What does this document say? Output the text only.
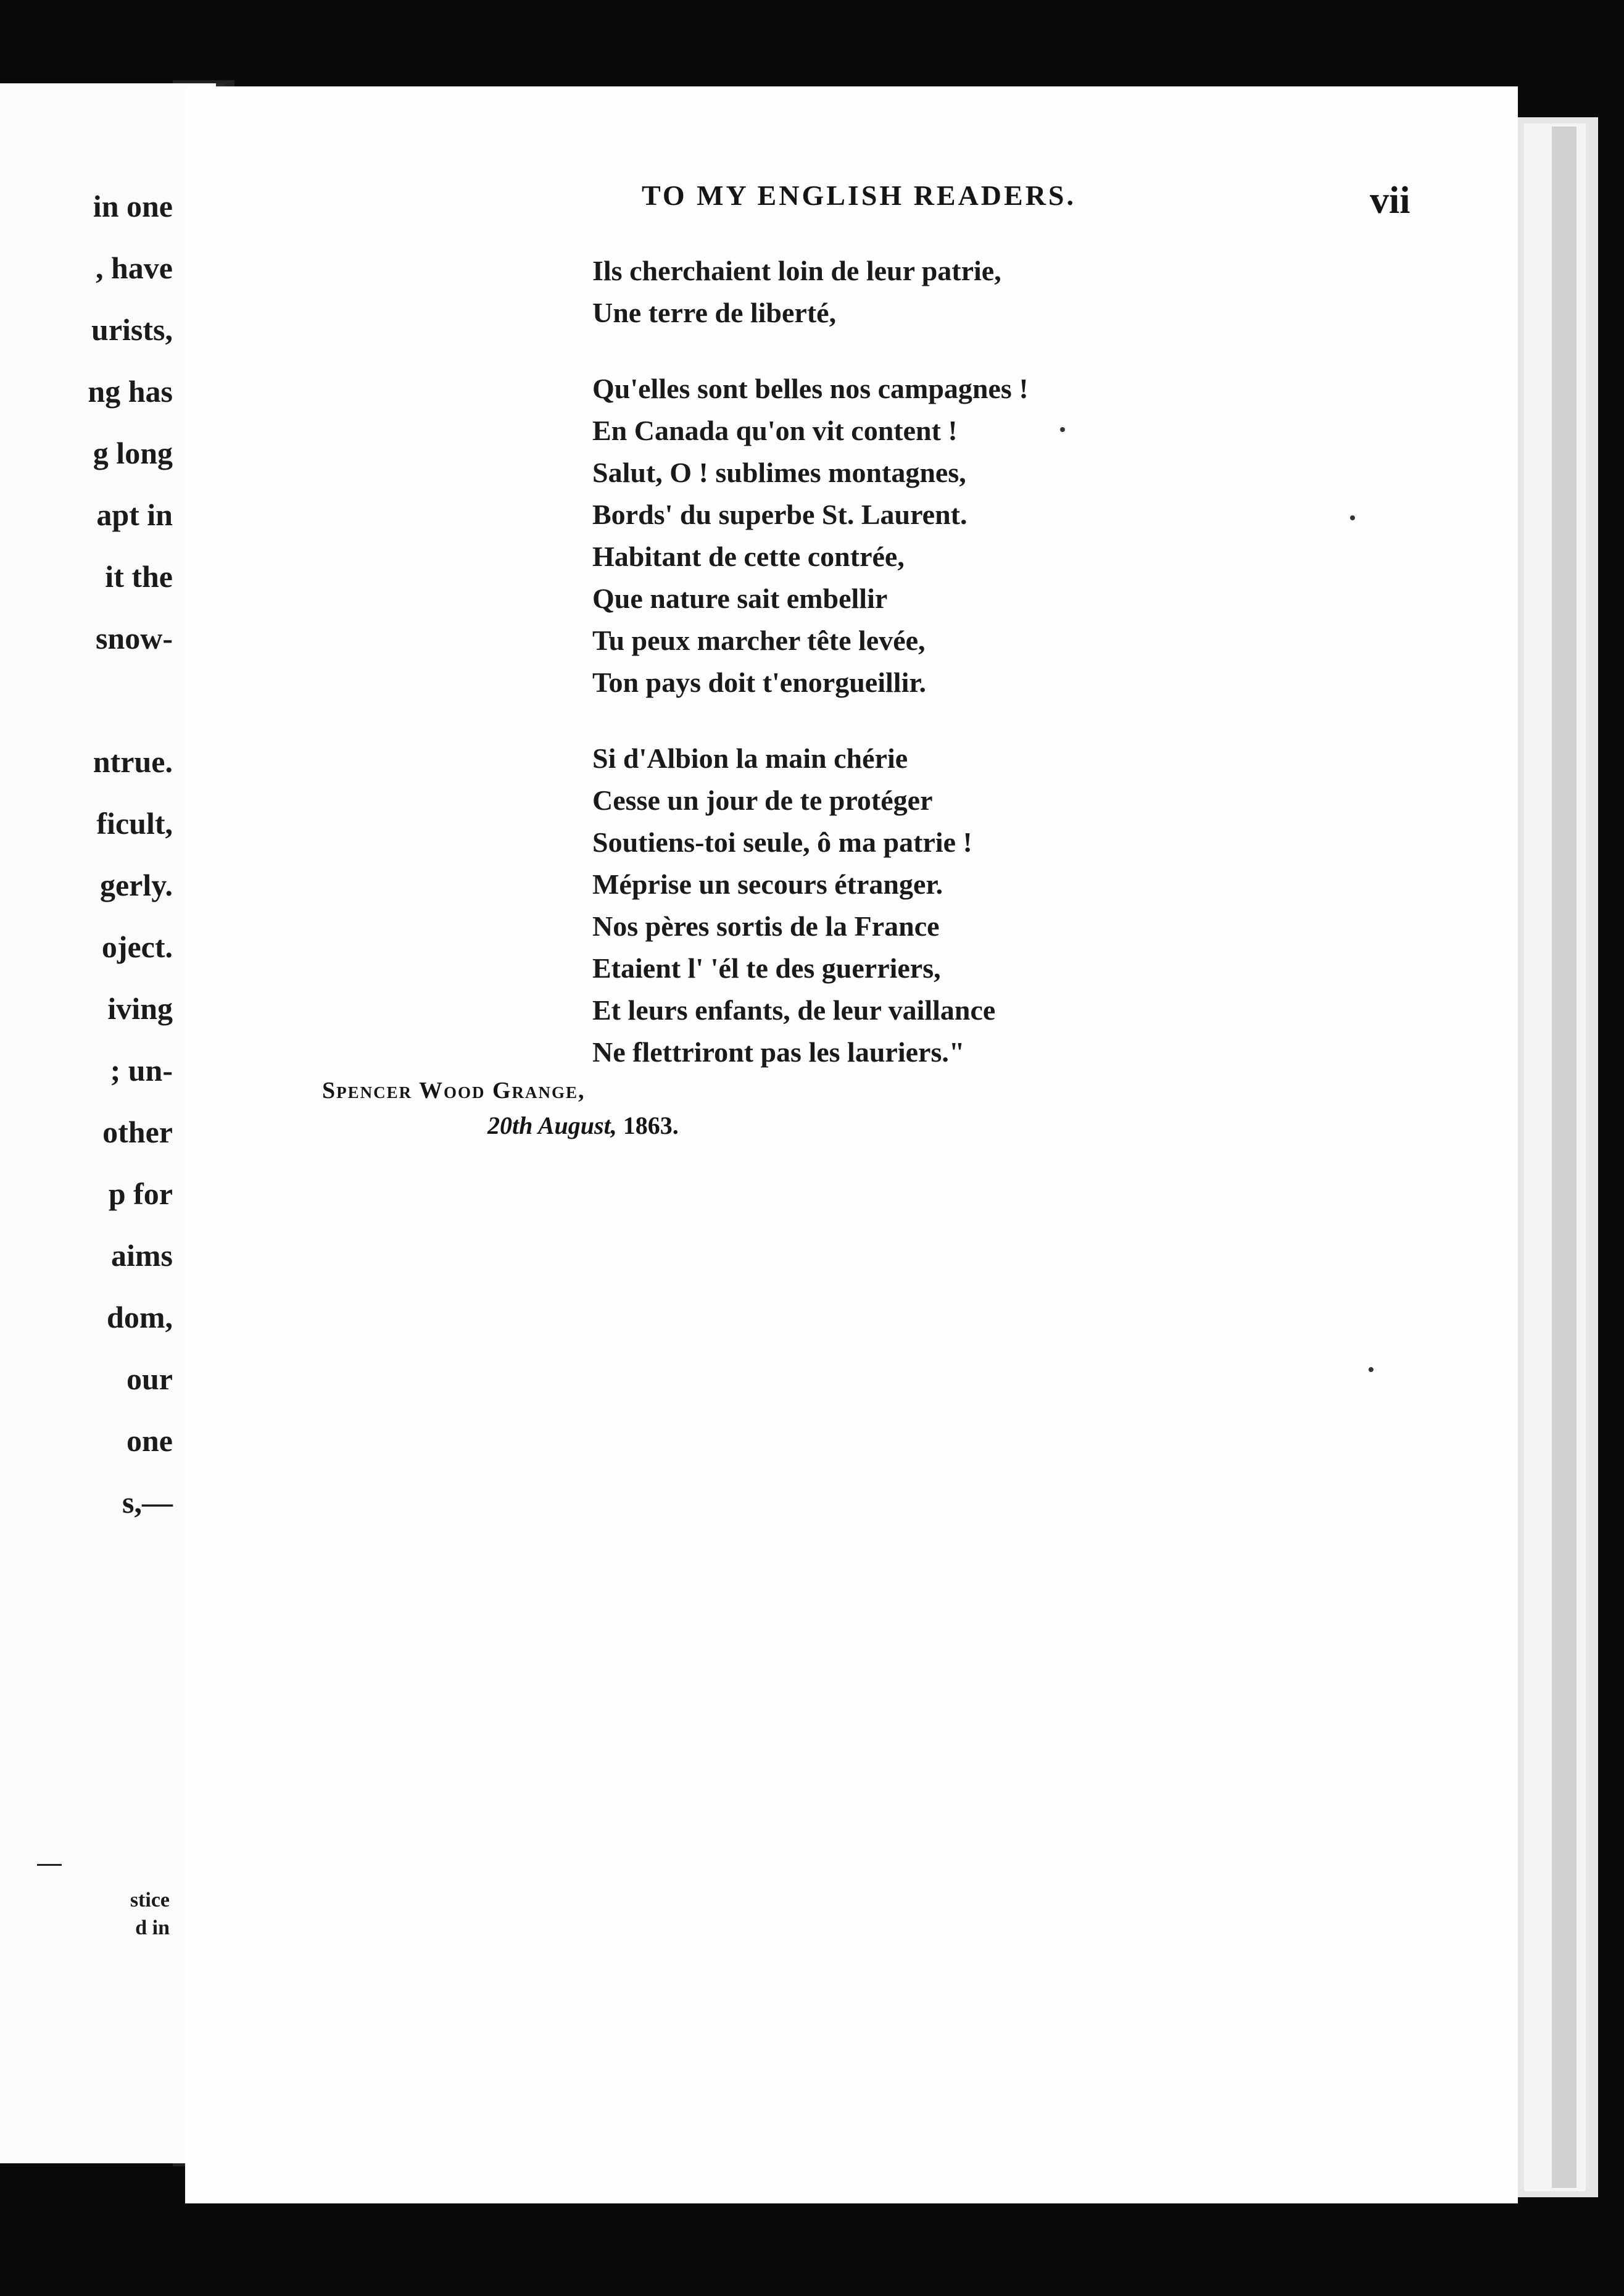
in one
, have
urists,
ng has
g long
apt in
it the
snow-
ntrue.
ficult,
gerly.
oject.
iving
; un-
other
p for
aims
dom,
our
one
s,—
stice
d in
TO MY ENGLISH READERS.	vii
Ils cherchaient loin de leur patrie,
Une terre de liberté,
Qu'elles sont belles nos campagnes !
En Canada qu'on vit content !
Salut, O ! sublimes montagnes,
Bords' du superbe St. Laurent.
Habitant de cette contrée,
Que nature sait embellir
Tu peux marcher tête levée,
Ton pays doit t'enorgueillir.
Si d'Albion la main chérie
Cesse un jour de te protéger
Soutiens-toi seule, ô ma patrie !
Méprise un secours étranger.
Nos pères sortis de la France
Etaient l' 'él te des guerriers,
Et leurs enfants, de leur vaillance
Ne flettriront pas les lauriers."
Spencer Wood Grange,
20th August, 1863.
